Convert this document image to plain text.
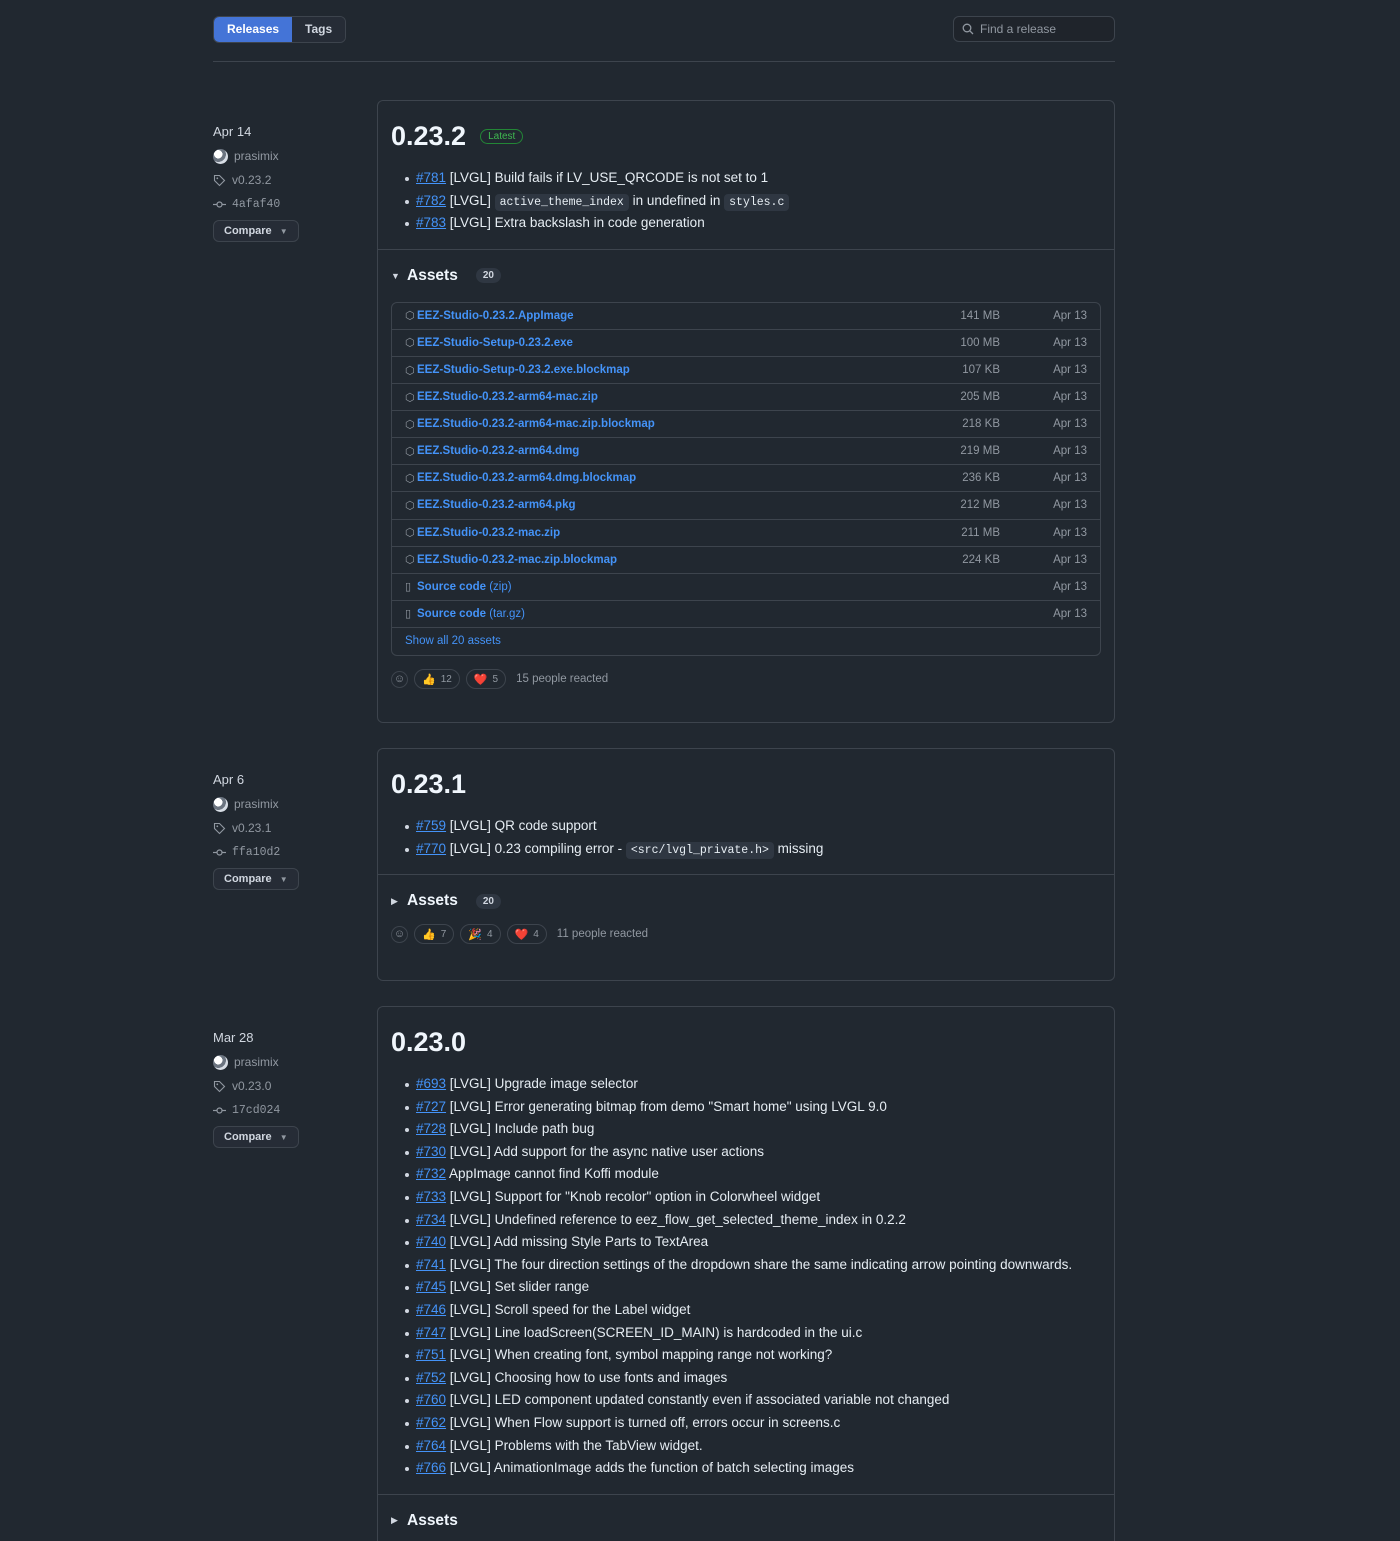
Releases	Tags
Find a release
Apr 14
prasimix
v0.23.2
4afaf40
Compare ▼
0.23.2	Latest
#781 [LVGL] Build fails if LV_USE_QRCODE is not set to 1
#782 [LVGL] active_theme_index in undefined in styles.c
#783 [LVGL] Extra backslash in code generation
▼ Assets	20
⬡ EEZ-Studio-0.23.2.AppImage	141 MB	Apr 13
⬡ EEZ-Studio-Setup-0.23.2.exe	100 MB	Apr 13
⬡ EEZ-Studio-Setup-0.23.2.exe.blockmap	107 KB	Apr 13
⬡ EEZ.Studio-0.23.2-arm64-mac.zip	205 MB	Apr 13
⬡ EEZ.Studio-0.23.2-arm64-mac.zip.blockmap	218 KB	Apr 13
⬡ EEZ.Studio-0.23.2-arm64.dmg	219 MB	Apr 13
⬡ EEZ.Studio-0.23.2-arm64.dmg.blockmap	236 KB	Apr 13
⬡ EEZ.Studio-0.23.2-arm64.pkg	212 MB	Apr 13
⬡ EEZ.Studio-0.23.2-mac.zip	211 MB	Apr 13
⬡ EEZ.Studio-0.23.2-mac.zip.blockmap	224 KB	Apr 13
▯ Source code (zip)	Apr 13
▯ Source code (tar.gz)	Apr 13
Show all 20 assets
☺ 👍 12 ❤️ 5 15 people reacted
Apr 6
prasimix
v0.23.1
ffa10d2
Compare ▼
0.23.1
#759 [LVGL] QR code support
#770 [LVGL] 0.23 compiling error - <src/lvgl_private.h> missing
▶ Assets	20
☺ 👍 7 🎉 4 ❤️ 4 11 people reacted
Mar 28
prasimix
v0.23.0
17cd024
Compare ▼
0.23.0
#693 [LVGL] Upgrade image selector
#727 [LVGL] Error generating bitmap from demo "Smart home" using LVGL 9.0
#728 [LVGL] Include path bug
#730 [LVGL] Add support for the async native user actions
#732 AppImage cannot find Koffi module
#733 [LVGL] Support for "Knob recolor" option in Colorwheel widget
#734 [LVGL] Undefined reference to eez_flow_get_selected_theme_index in 0.2.2
#740 [LVGL] Add missing Style Parts to TextArea
#741 [LVGL] The four direction settings of the dropdown share the same indicating arrow pointing downwards.
#745 [LVGL] Set slider range
#746 [LVGL] Scroll speed for the Label widget
#747 [LVGL] Line loadScreen(SCREEN_ID_MAIN) is hardcoded in the ui.c
#751 [LVGL] When creating font, symbol mapping range not working?
#752 [LVGL] Choosing how to use fonts and images
#760 [LVGL] LED component updated constantly even if associated variable not changed
#762 [LVGL] When Flow support is turned off, errors occur in screens.c
#764 [LVGL] Problems with the TabView widget.
#766 [LVGL] AnimationImage adds the function of batch selecting images
▶ Assets
